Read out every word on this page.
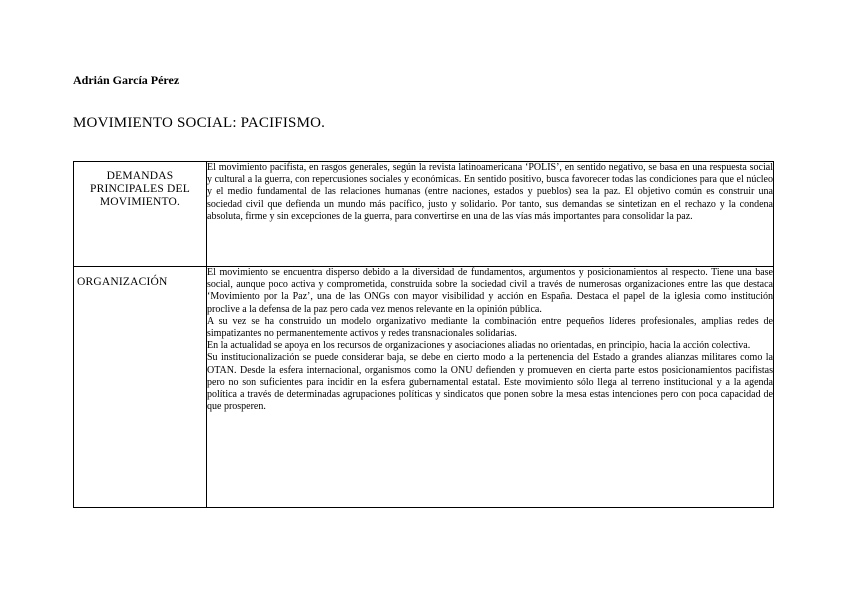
Adrián García Pérez
MOVIMIENTO SOCIAL: PACIFISMO.
DEMANDAS PRINCIPALES DEL MOVIMIENTO.	El movimiento pacifista, en rasgos generales, según la revista latinoamericana ‘POLIS’, en sentido negativo, se basa en una respuesta social y cultural a la guerra, con repercusiones sociales y económicas. En sentido positivo, busca favorecer todas las condiciones para que el núcleo y el medio fundamental de las relaciones humanas (entre naciones, estados y pueblos) sea la paz. El objetivo común es construir una sociedad civil que defienda un mundo más pacífico, justo y solidario. Por tanto, sus demandas se sintetizan en el rechazo y la condena absoluta, firme y sin excepciones de la guerra, para convertirse en una de las vías más importantes para consolidar la paz.

ORGANIZACIÓN	El movimiento se encuentra disperso debido a la diversidad de fundamentos, argumentos y posicionamientos al respecto. Tiene una base social, aunque poco activa y comprometida, construida sobre la sociedad civil a través de numerosas organizaciones entre las que destaca ‘Movimiento por la Paz’, una de las ONGs con mayor visibilidad y acción en España. Destaca el papel de la iglesia como institución proclive a la defensa de la paz pero cada vez menos relevante en la opinión pública.

A su vez se ha construido un modelo organizativo mediante la combinación entre pequeños líderes profesionales, amplias redes de simpatizantes no permanentemente activos y redes transnacionales solidarias.

En la actualidad se apoya en los recursos de organizaciones y asociaciones aliadas no orientadas, en principio, hacia la acción colectiva.

Su institucionalización se puede considerar baja, se debe en cierto modo a la pertenencia del Estado a grandes alianzas militares como la OTAN. Desde la esfera internacional, organismos como la ONU defienden y promueven en cierta parte estos posicionamientos pacifistas pero no son suficientes para incidir en la esfera gubernamental estatal. Este movimiento sólo llega al terreno institucional y a la agenda política a través de determinadas agrupaciones políticas y sindicatos que ponen sobre la mesa estas intenciones pero con poca capacidad de que prosperen.
